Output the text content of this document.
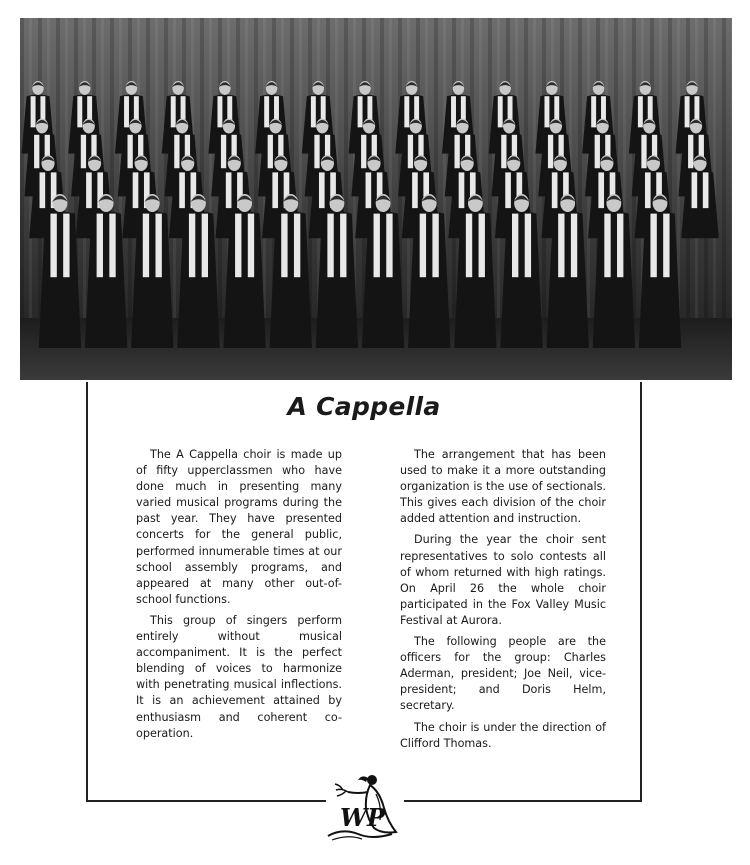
A Cappella

The A Cappella choir is made up of fifty upperclassmen who have done much in presenting many varied musical programs during the past year. They have presented concerts for the general public, performed innumerable times at our school assembly programs, and appeared at many other out-of-school functions.

This group of singers perform entirely without musical accompaniment. It is the perfect blending of voices to harmonize with penetrating musical inflections. It is an achievement attained by enthusiasm and coherent co-operation.

The arrangement that has been used to make it a more outstanding organization is the use of sectionals. This gives each division of the choir added attention and instruction.

During the year the choir sent representatives to solo contests all of whom returned with high ratings. On April 26 the whole choir participated in the Fox Valley Music Festival at Aurora.

The following people are the officers for the group: Charles Aderman, president; Joe Neil, vice-president; and Doris Helm, secretary.

The choir is under the direction of Clifford Thomas.

WP
